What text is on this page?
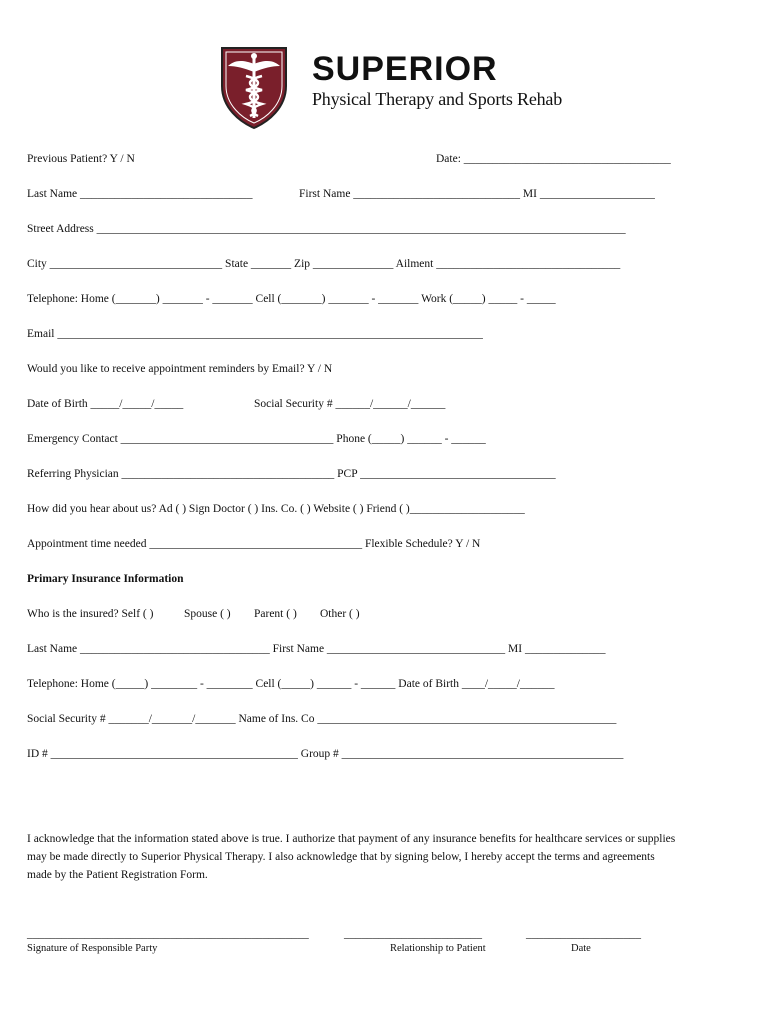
SUPERIOR
Physical Therapy and Sports Rehab
Previous Patient? Y / N	Date: ____________________________________
Last Name ______________________________	First Name _____________________________ MI ____________________
Street Address ____________________________________________________________________________________________
City ______________________________ State _______ Zip ______________ Ailment ________________________________
Telephone: Home (_______) _______ - _______ Cell (_______) _______ - _______ Work (_____) _____ - _____
Email __________________________________________________________________________
Would you like to receive appointment reminders by Email? Y / N
Date of Birth _____/_____/_____	Social Security # ______/______/______
Emergency Contact _____________________________________ Phone (_____) ______ - ______
Referring Physician _____________________________________ PCP __________________________________
How did you hear about us? Ad ( ) Sign Doctor ( ) Ins. Co. ( ) Website ( ) Friend ( )____________________
Appointment time needed _____________________________________ Flexible Schedule? Y / N
Primary Insurance Information
Who is the insured? Self ( )	Spouse ( ) Parent ( ) Other ( )
Last Name _________________________________ First Name _______________________________ MI ______________
Telephone: Home (_____) ________ - ________ Cell (_____) ______ - ______ Date of Birth ____/_____/______
Social Security # _______/_______/_______ Name of Ins. Co ____________________________________________________
ID # ___________________________________________ Group # _________________________________________________

I acknowledge that the information stated above is true. I authorize that payment of any insurance benefits for healthcare services or supplies

may be made directly to Superior Physical Therapy. I also acknowledge that by signing below, I hereby accept the terms and agreements

made by the Patient Registration Form.

_________________________________________________	________________________	____________________
Signature of Responsible Party	Relationship to Patient	Date
